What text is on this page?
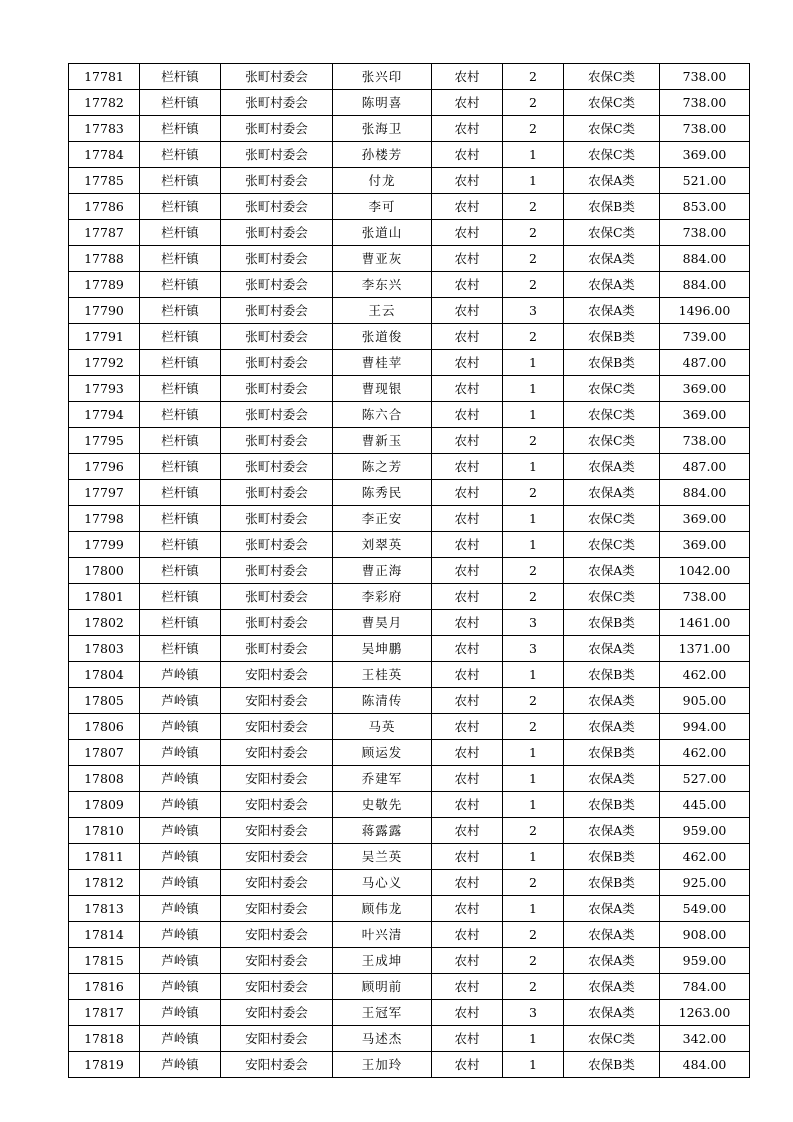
17781	栏杆镇	张町村委会	张兴印	农村	2	农保C类	738.00
17782	栏杆镇	张町村委会	陈明喜	农村	2	农保C类	738.00
17783	栏杆镇	张町村委会	张海卫	农村	2	农保C类	738.00
17784	栏杆镇	张町村委会	孙楼芳	农村	1	农保C类	369.00
17785	栏杆镇	张町村委会	付龙	农村	1	农保A类	521.00
17786	栏杆镇	张町村委会	李可	农村	2	农保B类	853.00
17787	栏杆镇	张町村委会	张道山	农村	2	农保C类	738.00
17788	栏杆镇	张町村委会	曹亚灰	农村	2	农保A类	884.00
17789	栏杆镇	张町村委会	李东兴	农村	2	农保A类	884.00
17790	栏杆镇	张町村委会	王云	农村	3	农保A类	1496.00
17791	栏杆镇	张町村委会	张道俊	农村	2	农保B类	739.00
17792	栏杆镇	张町村委会	曹桂苹	农村	1	农保B类	487.00
17793	栏杆镇	张町村委会	曹现银	农村	1	农保C类	369.00
17794	栏杆镇	张町村委会	陈六合	农村	1	农保C类	369.00
17795	栏杆镇	张町村委会	曹新玉	农村	2	农保C类	738.00
17796	栏杆镇	张町村委会	陈之芳	农村	1	农保A类	487.00
17797	栏杆镇	张町村委会	陈秀民	农村	2	农保A类	884.00
17798	栏杆镇	张町村委会	李正安	农村	1	农保C类	369.00
17799	栏杆镇	张町村委会	刘翠英	农村	1	农保C类	369.00
17800	栏杆镇	张町村委会	曹正海	农村	2	农保A类	1042.00
17801	栏杆镇	张町村委会	李彩府	农村	2	农保C类	738.00
17802	栏杆镇	张町村委会	曹昊月	农村	3	农保B类	1461.00
17803	栏杆镇	张町村委会	吴坤鹏	农村	3	农保A类	1371.00
17804	芦岭镇	安阳村委会	王桂英	农村	1	农保B类	462.00
17805	芦岭镇	安阳村委会	陈清传	农村	2	农保A类	905.00
17806	芦岭镇	安阳村委会	马英	农村	2	农保A类	994.00
17807	芦岭镇	安阳村委会	顾运发	农村	1	农保B类	462.00
17808	芦岭镇	安阳村委会	乔建军	农村	1	农保A类	527.00
17809	芦岭镇	安阳村委会	史敬先	农村	1	农保B类	445.00
17810	芦岭镇	安阳村委会	蒋露露	农村	2	农保A类	959.00
17811	芦岭镇	安阳村委会	吴兰英	农村	1	农保B类	462.00
17812	芦岭镇	安阳村委会	马心义	农村	2	农保B类	925.00
17813	芦岭镇	安阳村委会	顾伟龙	农村	1	农保A类	549.00
17814	芦岭镇	安阳村委会	叶兴清	农村	2	农保A类	908.00
17815	芦岭镇	安阳村委会	王成坤	农村	2	农保A类	959.00
17816	芦岭镇	安阳村委会	顾明前	农村	2	农保A类	784.00
17817	芦岭镇	安阳村委会	王冠军	农村	3	农保A类	1263.00
17818	芦岭镇	安阳村委会	马述杰	农村	1	农保C类	342.00
17819	芦岭镇	安阳村委会	王加玲	农村	1	农保B类	484.00
